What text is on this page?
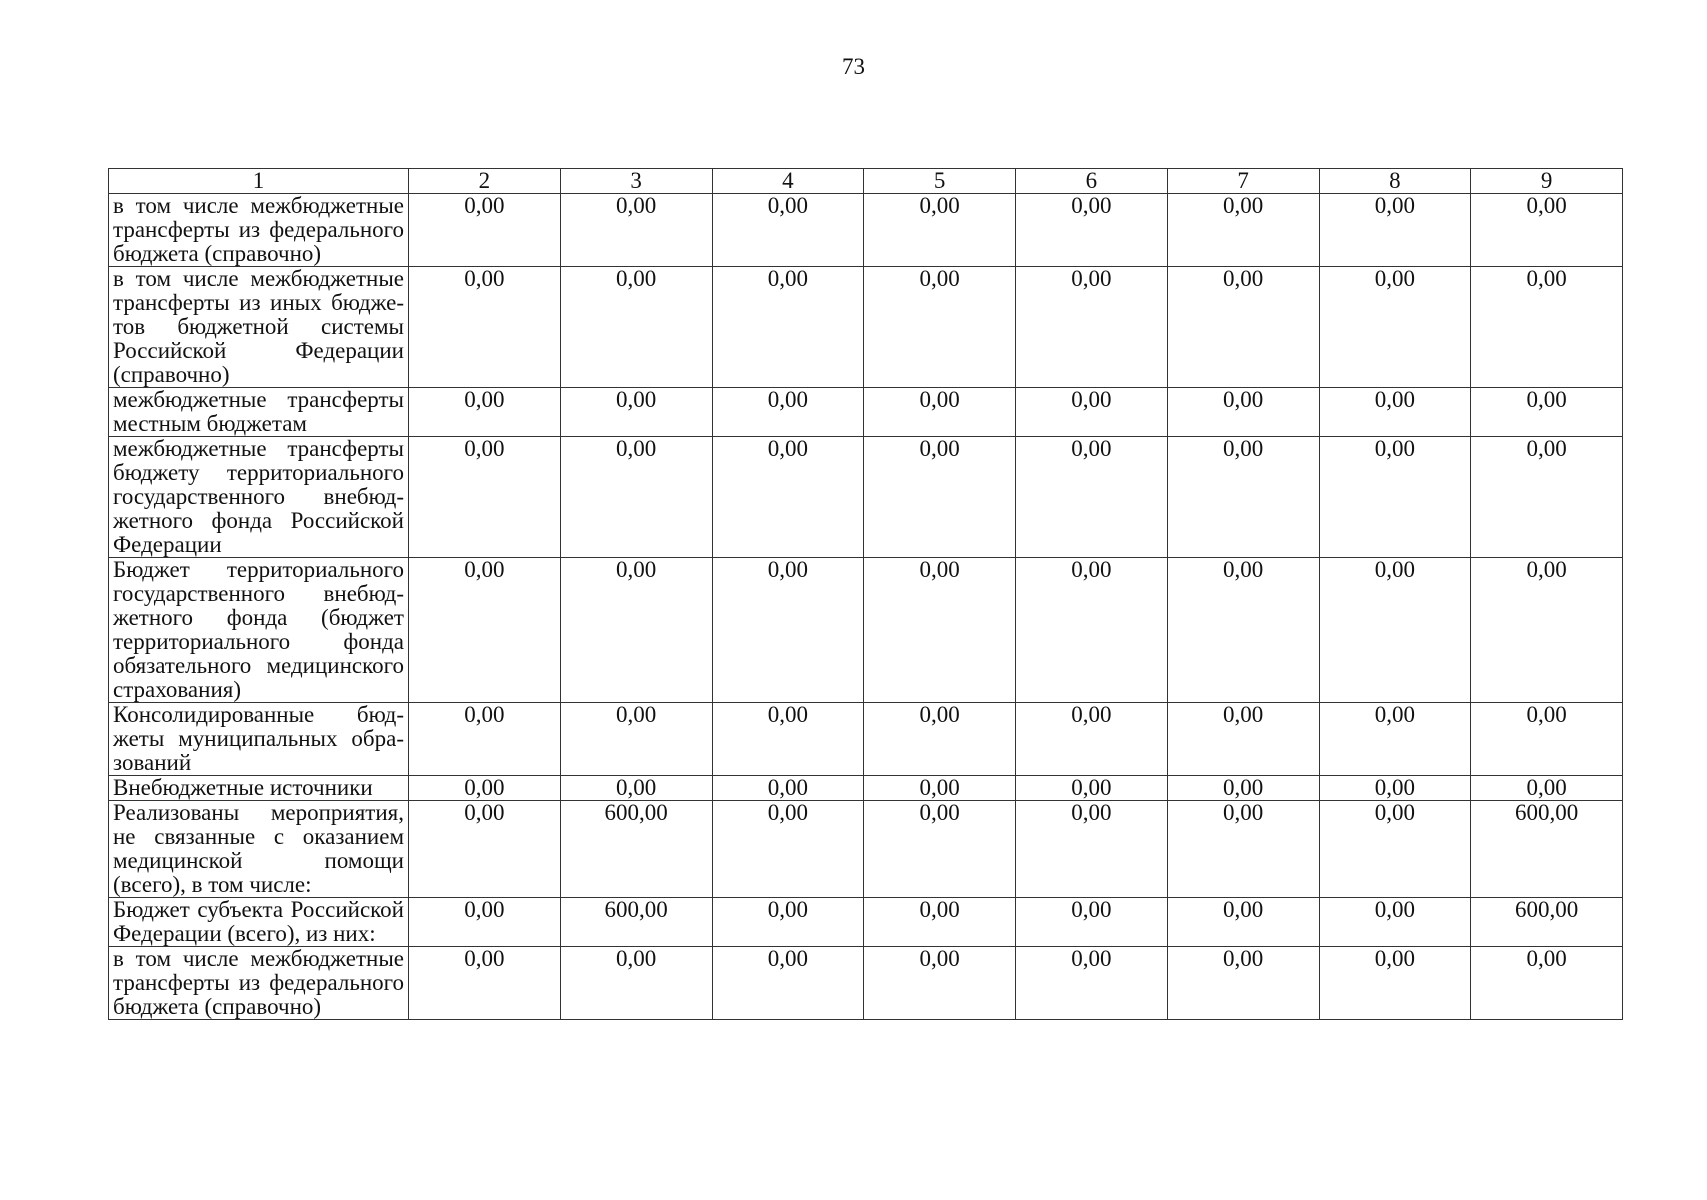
73
1	2	3	4	5	6	7	8	9
в том числе межбюджетные трансферты из федерального бюджета (справочно)	0,00	0,00	0,00	0,00	0,00	0,00	0,00	0,00
в том числе межбюджетные трансферты из иных бюджетов бюджетной системы Российской Федерации (справочно)	0,00	0,00	0,00	0,00	0,00	0,00	0,00	0,00
межбюджетные трансферты местным бюджетам	0,00	0,00	0,00	0,00	0,00	0,00	0,00	0,00
межбюджетные трансферты бюджету территориального государственного внебюджетного фонда Российской Федерации	0,00	0,00	0,00	0,00	0,00	0,00	0,00	0,00
Бюджет территориального государственного внебюджетного фонда (бюджет территориального фонда обязательного медицинского страхования)	0,00	0,00	0,00	0,00	0,00	0,00	0,00	0,00
Консолидированные бюджеты муниципальных образований	0,00	0,00	0,00	0,00	0,00	0,00	0,00	0,00
Внебюджетные источники	0,00	0,00	0,00	0,00	0,00	0,00	0,00	0,00
Реализованы мероприятия, не связанные с оказанием медицинской помощи (всего), в том числе:	0,00	600,00	0,00	0,00	0,00	0,00	0,00	600,00
Бюджет субъекта Российской Федерации (всего), из них:	0,00	600,00	0,00	0,00	0,00	0,00	0,00	600,00
в том числе межбюджетные трансферты из федерального бюджета (справочно)	0,00	0,00	0,00	0,00	0,00	0,00	0,00	0,00
